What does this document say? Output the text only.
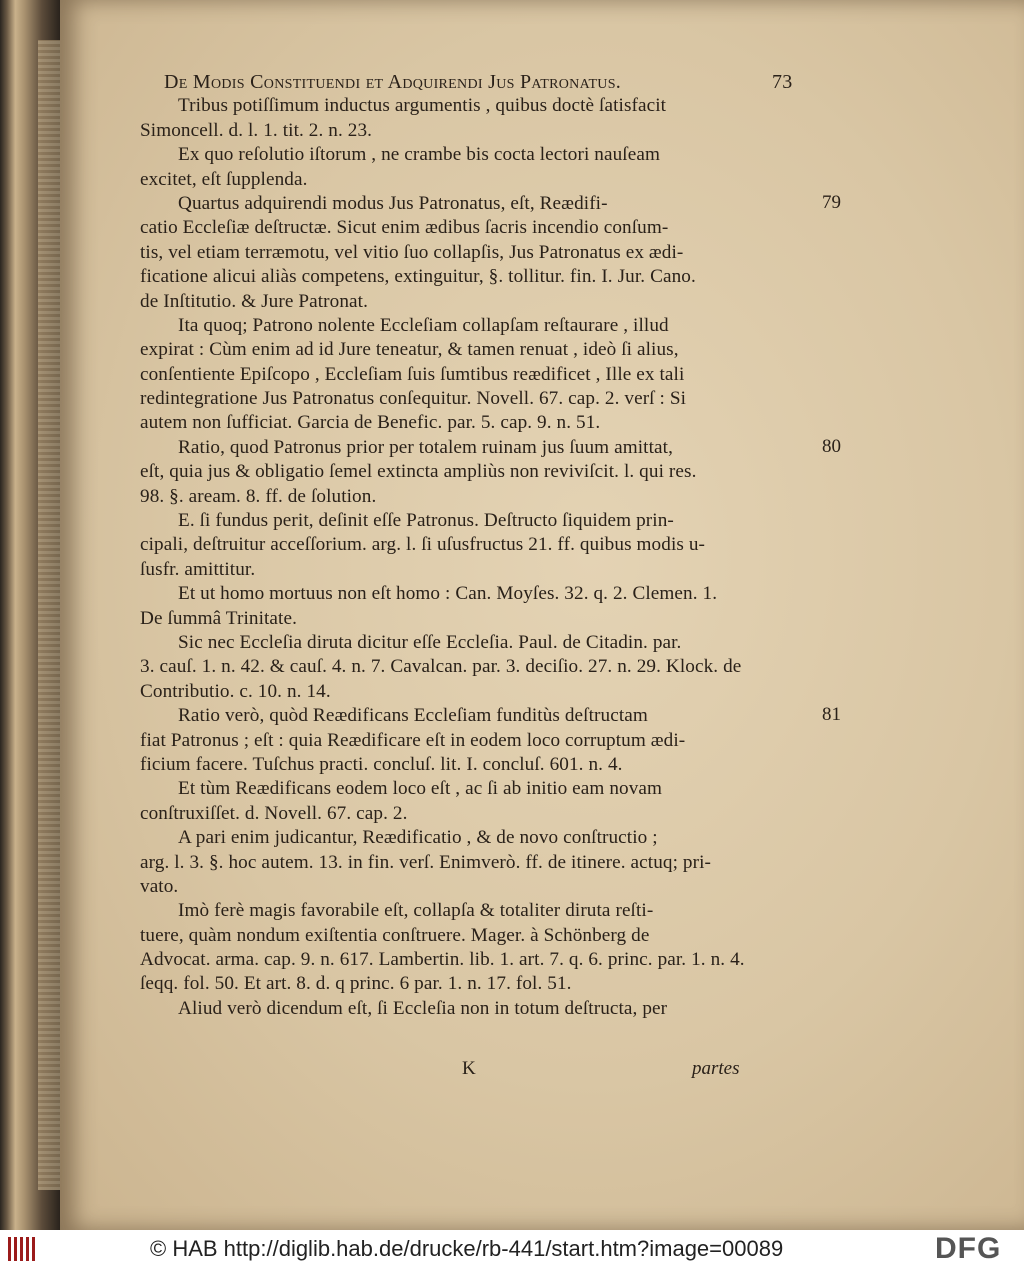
De Modis Constituendi et Adquirendi Jus Patronatus.	73
Tribus potiſſimum inductus argumentis , quibus doctè ſatisfacit
Simoncell. d. l. 1. tit. 2. n. 23.
Ex quo reſolutio iſtorum , ne crambe bis cocta lectori nauſeam
excitet, eſt ſupplenda.
Quartus adquirendi modus Jus Patronatus, eſt, Reædifi-
catio Eccleſiæ deſtructæ. Sicut enim ædibus ſacris incendio conſum-
tis, vel etiam terræmotu, vel vitio ſuo collapſis, Jus Patronatus ex ædi-
ficatione alicui aliàs competens, extinguitur, §. tollitur. fin. I. Jur. Cano.
de Inſtitutio. & Jure Patronat.
Ita quoq; Patrono nolente Eccleſiam collapſam reſtaurare , illud
expirat : Cùm enim ad id Jure teneatur, & tamen renuat , ideò ſi alius,
conſentiente Epiſcopo , Eccleſiam ſuis ſumtibus reædificet , Ille ex tali
redintegratione Jus Patronatus conſequitur. Novell. 67. cap. 2. verſ : Si
autem non ſufficiat. Garcia de Benefic. par. 5. cap. 9. n. 51.
Ratio, quod Patronus prior per totalem ruinam jus ſuum amittat,
eſt, quia jus & obligatio ſemel extincta ampliùs non reviviſcit. l. qui res.
98. §. aream. 8. ff. de ſolution.
E. ſi fundus perit, deſinit eſſe Patronus. Deſtructo ſiquidem prin-
cipali, deſtruitur acceſſorium. arg. l. ſi uſusfructus 21. ff. quibus modis u-
ſusfr. amittitur.
Et ut homo mortuus non eſt homo : Can. Moyſes. 32. q. 2. Clemen. 1.
De ſummâ Trinitate.
Sic nec Eccleſia diruta dicitur eſſe Eccleſia. Paul. de Citadin. par.
3. cauſ. 1. n. 42. & cauſ. 4. n. 7. Cavalcan. par. 3. deciſio. 27. n. 29. Klock. de
Contributio. c. 10. n. 14.
Ratio verò, quòd Reædificans Eccleſiam funditùs deſtructam
fiat Patronus ; eſt : quia Reædificare eſt in eodem loco corruptum ædi-
ficium facere. Tuſchus practi. concluſ. lit. I. concluſ. 601. n. 4.
Et tùm Reædificans eodem loco eſt , ac ſi ab initio eam novam
conſtruxiſſet. d. Novell. 67. cap. 2.
A pari enim judicantur, Reædificatio , & de novo conſtructio ;
arg. l. 3. §. hoc autem. 13. in fin. verſ. Enimverò. ff. de itinere. actuq; pri-
vato.
Imò ferè magis favorabile eſt, collapſa & totaliter diruta reſti-
tuere, quàm nondum exiſtentia conſtruere. Mager. à Schönberg de
Advocat. arma. cap. 9. n. 617. Lambertin. lib. 1. art. 7. q. 6. princ. par. 1. n. 4.
ſeqq. fol. 50. Et art. 8. d. q princ. 6 par. 1. n. 17. fol. 51.
Aliud verò dicendum eſt, ſi Eccleſia non in totum deſtructa, per
79
80
81
K	partes
© HAB http://diglib.hab.de/drucke/rb-441/start.htm?image=00089	DFG
